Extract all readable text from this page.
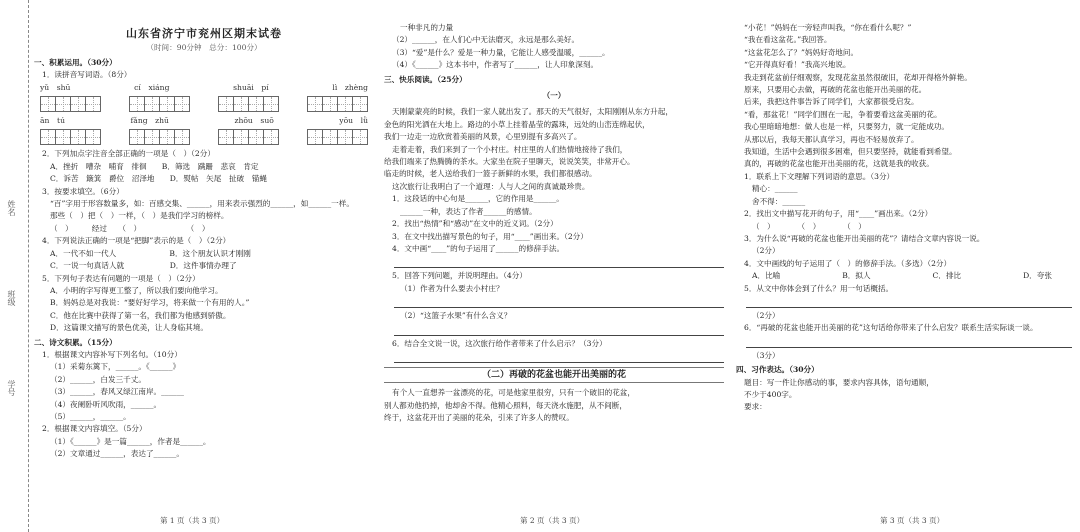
姓名
班级
学号
山东省济宁市兖州区期末试卷
（时间：90分钟　总分：100分）
一、积累运用。（30分）
1．读拼音写词语。（8分）
yǔ　shū	cí　xiáng	shuāi　pí	lì　zhèng
ān　tú	fǎng　zhū	zhōu　suō	yōu　lǜ
2．下列加点字注音全部正确的一项是（　）（2分）
A．挫折　嘈杂　哺育　徘徊　　B．筛选　蹒跚　悲哀　肯定
C．诉苦　簸箕　爵位　沼泽地　　D．熨帖　矢尾　扯破　锚蝇
3．按要求填空。（6分）
“百”字用于形容数量多，如：百感交集、______，用来表示强烈的______，如______一样。
那些（　）把（　）一样，（　）是我们学习的榜样。
（　）　　　经过　　（　）　　　　　　　（　）
4．下列说法正确的一项是“把脚”表示的是（　）（2分）
A．一代不如一代人　　　　　　　B．这个朋友认识才刚刚
C．一说一句真话人就　　　　　　D．这件事情办理了
5．下列句子表达有问题的一项是（　）（2分）
A．小明的字写得更工整了，所以我们要向他学习。
B．妈妈总是对我说：“要好好学习，将来做一个有用的人。”
C．他在比赛中获得了第一名，我们都为他感到骄傲。
D．这篇课文描写的景色优美，让人身临其境。
二、诗文积累。（15分）
1．根据课文内容补写下列名句。（10分）
（1）采菊东篱下，______。《______》
（2）______，白发三千丈。
（3）______，春风又绿江南岸。______
（4）夜阑卧听风吹雨，______。
（5）______，______。
2．根据课文内容填空。（5分）
（1）《______》是一篇______，作者是______。
（2）文章通过______，表达了______。
一种非凡的力量
（2）______，在人们心中无法磨灭，永远是那么美好。
（3）“爱”是什么？爱是一种力量，它能让人感受温暖，______。
（4）《______》这本书中，作者写了______，让人印象深刻。
三、快乐阅读。（25分）
（一）
天刚蒙蒙亮的时候，我们一家人就出发了。那天的天气很好，太阳刚刚从东方升起，
金色的阳光洒在大地上。路边的小草上挂着晶莹的露珠，远处的山峦连绵起伏，
我们一边走一边欣赏着美丽的风景，心里别提有多高兴了。
走着走着，我们来到了一个小村庄。村庄里的人们热情地接待了我们，
给我们端来了热腾腾的茶水。大家坐在院子里聊天，说说笑笑，非常开心。
临走的时候，老人送给我们一篮子新鲜的水果，我们都很感动。
这次旅行让我明白了一个道理：人与人之间的真诚最珍贵。
1．这段话的中心句是______，它的作用是______。
______一种，表达了作者______的感情。
2．找出“热情”和“感动”在文中的近义词。（2分）
3．在文中找出描写景色的句子，用“____”画出来。（2分）
4．文中画“____”的句子运用了______的修辞手法。
5．回答下列问题，并说明理由。（4分）
（1）作者为什么要去小村庄？
（2）“这篮子水果”有什么含义？
6．结合全文说一说，这次旅行给作者带来了什么启示？（3分）
（二）再破的花盆也能开出美丽的花
有个人一直想养一盆漂亮的花，可是他家里很穷，只有一个破旧的花盆，
别人都劝他扔掉，他却舍不得。他精心照料，每天浇水施肥，从不间断，
终于，这盆花开出了美丽的花朵，引来了许多人的赞叹。
“小花！”妈妈在一旁轻声叫我，“你在看什么呢？”
“我在看这盆花。”我回答。
“这盆花怎么了？”妈妈好奇地问。
“它开得真好看！”我高兴地说。
我走到花盆前仔细观察，发现花盆虽然很破旧，花却开得格外鲜艳。
原来，只要用心去做，再破的花盆也能开出美丽的花。
后来，我把这件事告诉了同学们，大家都很受启发。
“看，那盆花！”同学们围在一起，争着要看这盆美丽的花。
我心里暗暗地想：做人也是一样，只要努力，就一定能成功。
从那以后，我每天都认真学习，再也不轻易放弃了。
我知道，生活中会遇到很多困难，但只要坚持，就能看到希望。
真的，再破的花盆也能开出美丽的花，这就是我的收获。
1．联系上下文理解下列词语的意思。（3分）
精心：______
舍不得：______
2．找出文中描写花开的句子，用“____”画出来。（2分）
（　）　　　　（　）　　　　（　）
3．为什么说“再破的花盆也能开出美丽的花”？请结合文章内容说一说。
（2分）
4．文中画线的句子运用了（　）的修辞手法。（多选）（2分）
A．比喻	B．拟人	C．排比	D．夸张
5．从文中你体会到了什么？用一句话概括。
（2分）
6．“再破的花盆也能开出美丽的花”这句话给你带来了什么启发？联系生活实际谈一谈。
（3分）
四、习作表达。（30分）
题目：写一件让你感动的事，要求内容具体，语句通顺，
不少于400字。
要求：
第 1 页（共 3 页）	第 2 页（共 3 页）	第 3 页（共 3 页）
